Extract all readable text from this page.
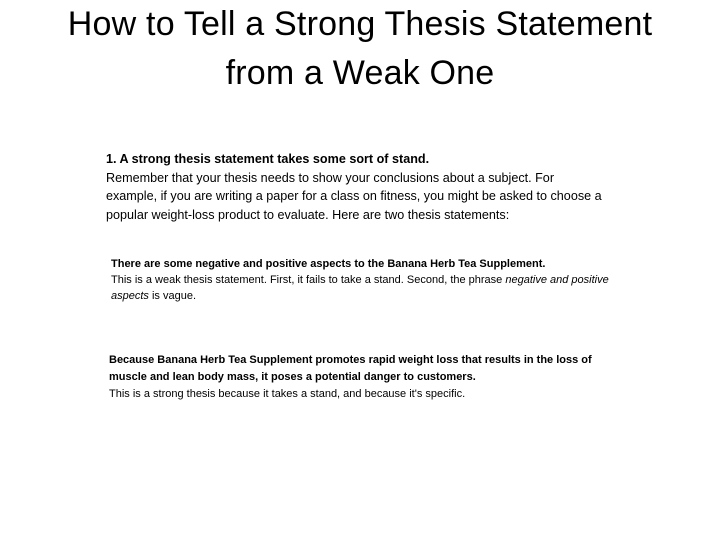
How to Tell a Strong Thesis Statement
from a Weak One
1. A strong thesis statement takes some sort of stand.
Remember that your thesis needs to show your conclusions about a subject. For example, if you are writing a paper for a class on fitness, you might be asked to choose a popular weight-loss product to evaluate. Here are two thesis statements:
There are some negative and positive aspects to the Banana Herb Tea Supplement.
This is a weak thesis statement. First, it fails to take a stand. Second, the phrase negative and positive aspects is vague.
Because Banana Herb Tea Supplement promotes rapid weight loss that results in the loss of muscle and lean body mass, it poses a potential danger to customers.
This is a strong thesis because it takes a stand, and because it's specific.
